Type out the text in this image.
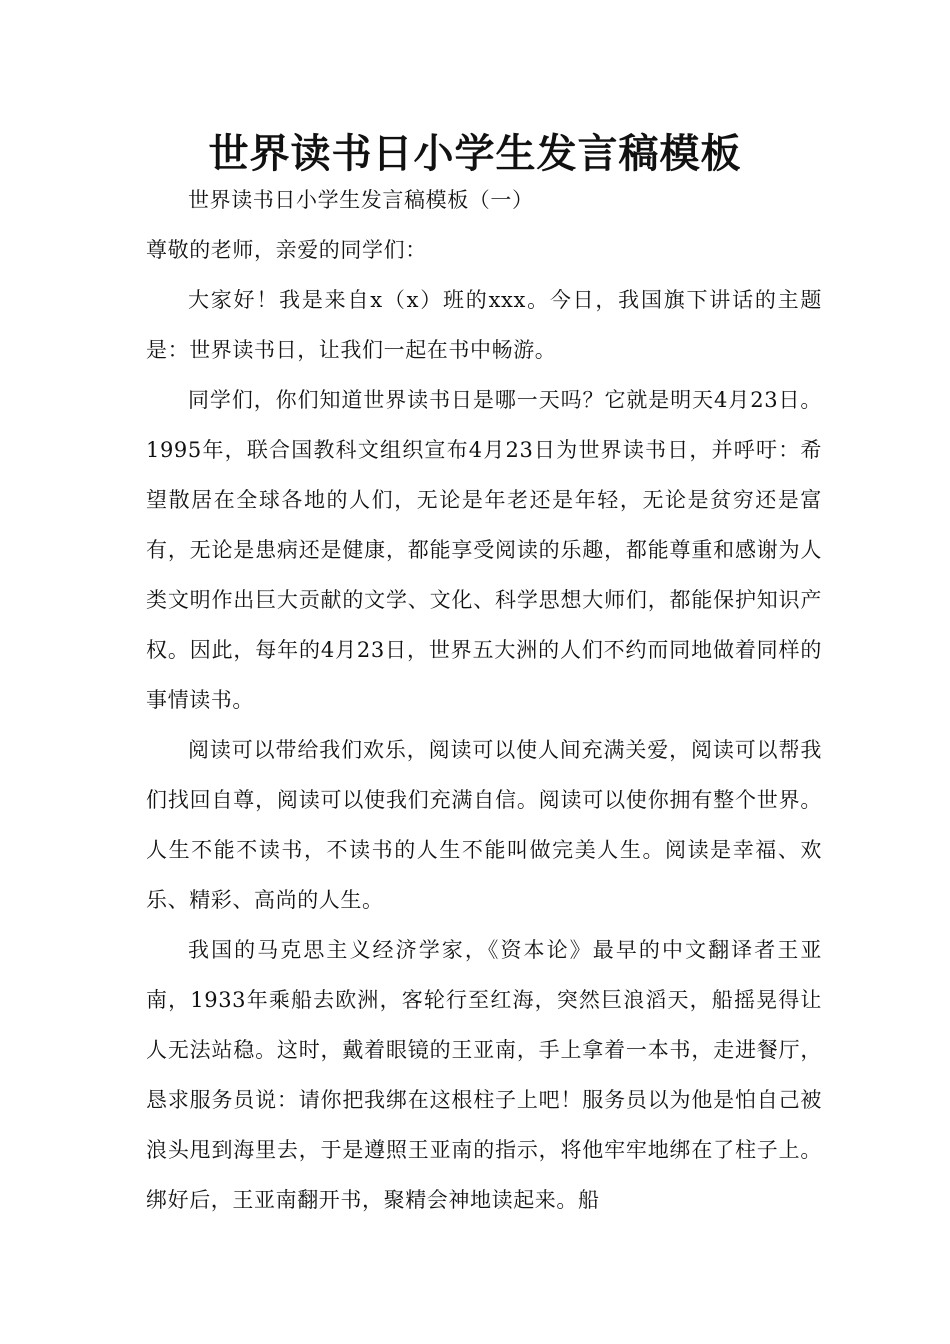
世界读书日小学生发言稿模板

世界读书日小学生发言稿模板（一）

尊敬的老师，亲爱的同学们：

大家好！我是来自x（x）班的xxx。今日，我国旗下讲话的主题是：世界读书日，让我们一起在书中畅游。

同学们，你们知道世界读书日是哪一天吗？它就是明天4月23日。1995年，联合国教科文组织宣布4月23日为世界读书日，并呼吁：希望散居在全球各地的人们，无论是年老还是年轻，无论是贫穷还是富有，无论是患病还是健康，都能享受阅读的乐趣，都能尊重和感谢为人类文明作出巨大贡献的文学、文化、科学思想大师们，都能保护知识产权。因此，每年的4月23日，世界五大洲的人们不约而同地做着同样的事情读书。

阅读可以带给我们欢乐，阅读可以使人间充满关爱，阅读可以帮我们找回自尊，阅读可以使我们充满自信。阅读可以使你拥有整个世界。人生不能不读书，不读书的人生不能叫做完美人生。阅读是幸福、欢乐、精彩、高尚的人生。

我国的马克思主义经济学家，《资本论》最早的中文翻译者王亚南，1933年乘船去欧洲，客轮行至红海，突然巨浪滔天，船摇晃得让人无法站稳。这时，戴着眼镜的王亚南，手上拿着一本书，走进餐厅，恳求服务员说：请你把我绑在这根柱子上吧！服务员以为他是怕自己被浪头甩到海里去，于是遵照王亚南的指示，将他牢牢地绑在了柱子上。绑好后，王亚南翻开书，聚精会神地读起来。船
